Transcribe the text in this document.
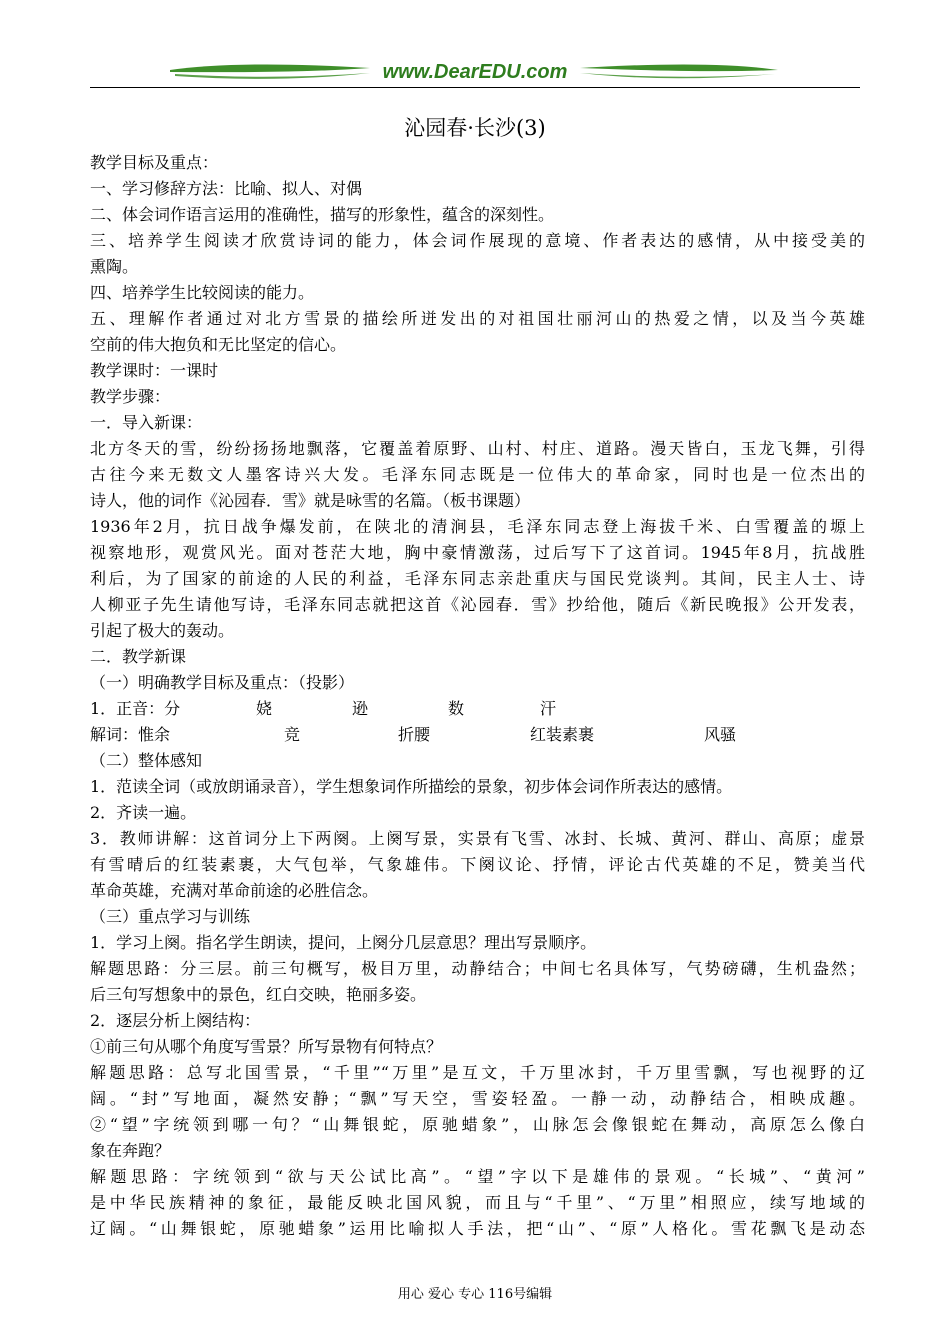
www.DearEDU.com
沁园春·长沙(3)
教学目标及重点：
一、学习修辞方法：比喻、拟人、对偶
二、体会词作语言运用的准确性，描写的形象性，蕴含的深刻性。
三、培养学生阅读才欣赏诗词的能力，体会词作展现的意境、作者表达的感情，从中接受美的
熏陶。
四、培养学生比较阅读的能力。
五、理解作者通过对北方雪景的描绘所迸发出的对祖国壮丽河山的热爱之情，以及当今英雄
空前的伟大抱负和无比坚定的信心。
教学课时：一课时
教学步骤：
一．导入新课：
北方冬天的雪，纷纷扬扬地飘落，它覆盖着原野、山村、村庄、道路。漫天皆白，玉龙飞舞，引得
古往今来无数文人墨客诗兴大发。毛泽东同志既是一位伟大的革命家，同时也是一位杰出的
诗人，他的词作《沁园春．雪》就是咏雪的名篇。（板书课题）
1936年2月，抗日战争爆发前，在陕北的清涧县，毛泽东同志登上海拔千米、白雪覆盖的塬上
视察地形，观赏风光。面对苍茫大地，胸中豪情激荡，过后写下了这首词。1945年8月，抗战胜
利后，为了国家的前途的人民的利益，毛泽东同志亲赴重庆与国民党谈判。其间，民主人士、诗
人柳亚子先生请他写诗，毛泽东同志就把这首《沁园春．雪》抄给他，随后《新民晚报》公开发表，
引起了极大的轰动。
二．教学新课
（一）明确教学目标及重点：（投影）
1．正音：分	娆	逊	数	汗
解词：惟余	竞	折腰	红装素裹	风骚
（二）整体感知
1．范读全词（或放朗诵录音），学生想象词作所描绘的景象，初步体会词作所表达的感情。
2．齐读一遍。
3．教师讲解：这首词分上下两阕。上阕写景，实景有飞雪、冰封、长城、黄河、群山、高原；虚景
有雪晴后的红装素裹，大气包举，气象雄伟。下阕议论、抒情，评论古代英雄的不足，赞美当代
革命英雄，充满对革命前途的必胜信念。
（三）重点学习与训练
1．学习上阕。指名学生朗读，提问，上阕分几层意思？理出写景顺序。
解题思路：分三层。前三句概写，极目万里，动静结合；中间七名具体写，气势磅礴，生机盎然；
后三句写想象中的景色，红白交映，艳丽多姿。
2．逐层分析上阕结构：
①前三句从哪个角度写雪景？所写景物有何特点？
解题思路：总写北国雪景，“千里”“万里”是互文，千万里冰封，千万里雪飘，写也视野的辽
阔。“封”写地面，凝然安静；“飘”写天空，雪姿轻盈。一静一动，动静结合，相映成趣。
②“望”字统领到哪一句？“山舞银蛇，原驰蜡象”，山脉怎会像银蛇在舞动，高原怎么像白
象在奔跑？
解题思路：字统领到“欲与天公试比高”。“望”字以下是雄伟的景观。“长城”、“黄河”
是中华民族精神的象征，最能反映北国风貌，而且与“千里”、“万里”相照应，续写地域的
辽阔。“山舞银蛇，原驰蜡象”运用比喻拟人手法，把“山”、“原”人格化。雪花飘飞是动态
用心 爱心 专心 116号编辑
